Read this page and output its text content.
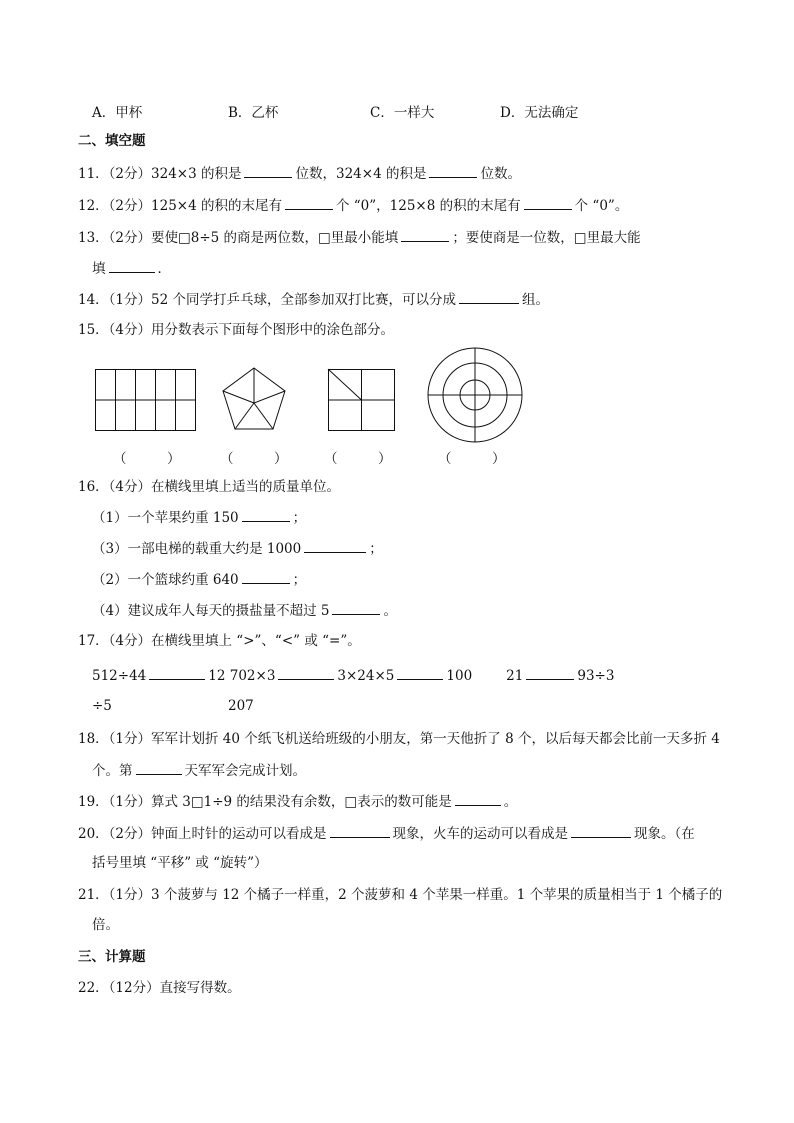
A．甲杯	B．乙杯	C．一样大	D．无法确定
二、填空题
11．（2分）324×3 的积是	位数，324×4 的积是	位数。
12．（2分）125×4 的积的末尾有	个 “0”，125×8 的积的末尾有	个 “0”。
13．（2分）要使□8÷5 的商是两位数，□里最小能填	；要使商是一位数，□里最大能
填	．
14．（1分）52 个同学打乒乓球，全部参加双打比赛，可以分成	组。
15．（4分）用分数表示下面每个图形中的涂色部分。
（　　　）	（　　　）	（　　　）	（　　　）
16．（4分）在横线里填上适当的质量单位。
（1）一个苹果约重 150	；
（3）一部电梯的载重大约是 1000	；
（2）一个篮球约重 640	；
（4）建议成年人每天的摄盐量不超过 5	。
17．（4分）在横线里填上 “>”、“<” 或 “=”。
512÷44	12 702×3	3×24×5	100	21	93÷3
÷5	207
18．（1分）军军计划折 40 个纸飞机送给班级的小朋友，第一天他折了 8 个，以后每天都会比前一天多折 4
个。第	天军军会完成计划。
19．（1分）算式 3□1÷9 的结果没有余数，□表示的数可能是	。
20．（2分）钟面上时针的运动可以看成是	现象，火车的运动可以看成是	现象。（在
括号里填 “平移” 或 “旋转”）
21．（1分）3 个菠萝与 12 个橘子一样重，2 个菠萝和 4 个苹果一样重。1 个苹果的质量相当于 1 个橘子的
倍。
三、计算题
22．（12分）直接写得数。
